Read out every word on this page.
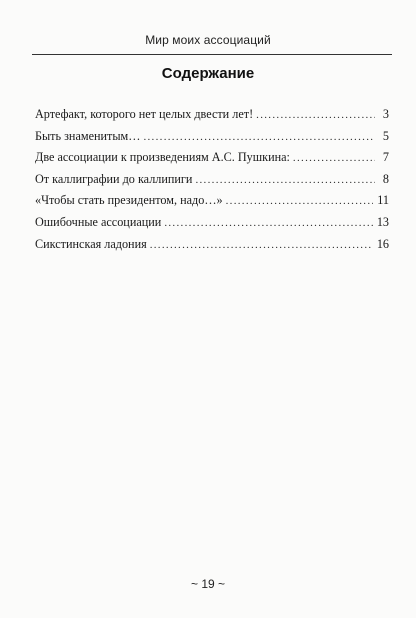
Мир моих ассоциаций
Содержание
Артефакт, которого нет целых двести лет! .....	3
Быть знаменитым… .....	5
Две ассоциации к произведениям А.С. Пушкина: .....	7
От каллиграфии до каллипиги .....	8
«Чтобы стать президентом, надо…» .....	11
Ошибочные ассоциации .....	13
Сикстинская ладония .....	16
~ 19 ~
